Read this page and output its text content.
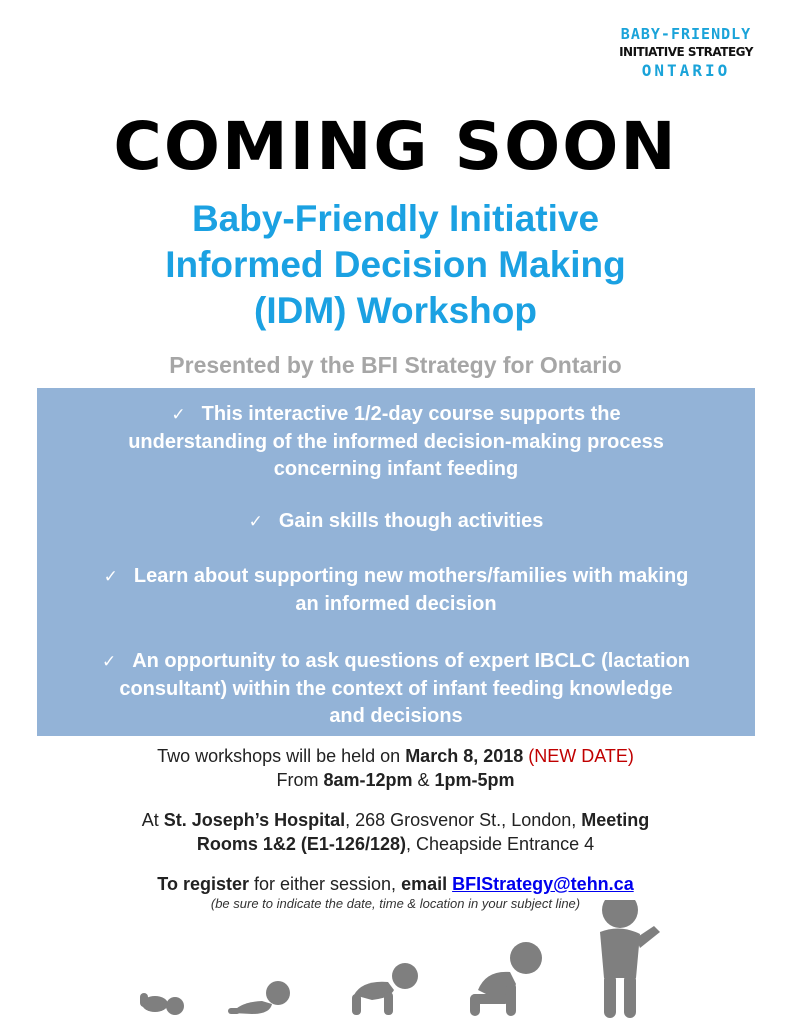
BABY-FRIENDLY
INITIATIVE STRATEGY
ONTARIO
COMING SOON
Baby-Friendly Initiative
Informed Decision Making
(IDM) Workshop
Presented by the BFI Strategy for Ontario
✓ This interactive 1/2-day course supports the
understanding of the informed decision-making process
concerning infant feeding
✓ Gain skills though activities
✓ Learn about supporting new mothers/families with making
an informed decision
✓ An opportunity to ask questions of expert IBCLC (lactation
consultant) within the context of infant feeding knowledge
and decisions
Two workshops will be held on March 8, 2018 (NEW DATE)
From 8am-12pm & 1pm-5pm
At St. Joseph’s Hospital, 268 Grosvenor St., London, Meeting
Rooms 1&2 (E1-126/128), Cheapside Entrance 4
To register for either session, email BFIStrategy@tehn.ca
(be sure to indicate the date, time & location in your subject line)
